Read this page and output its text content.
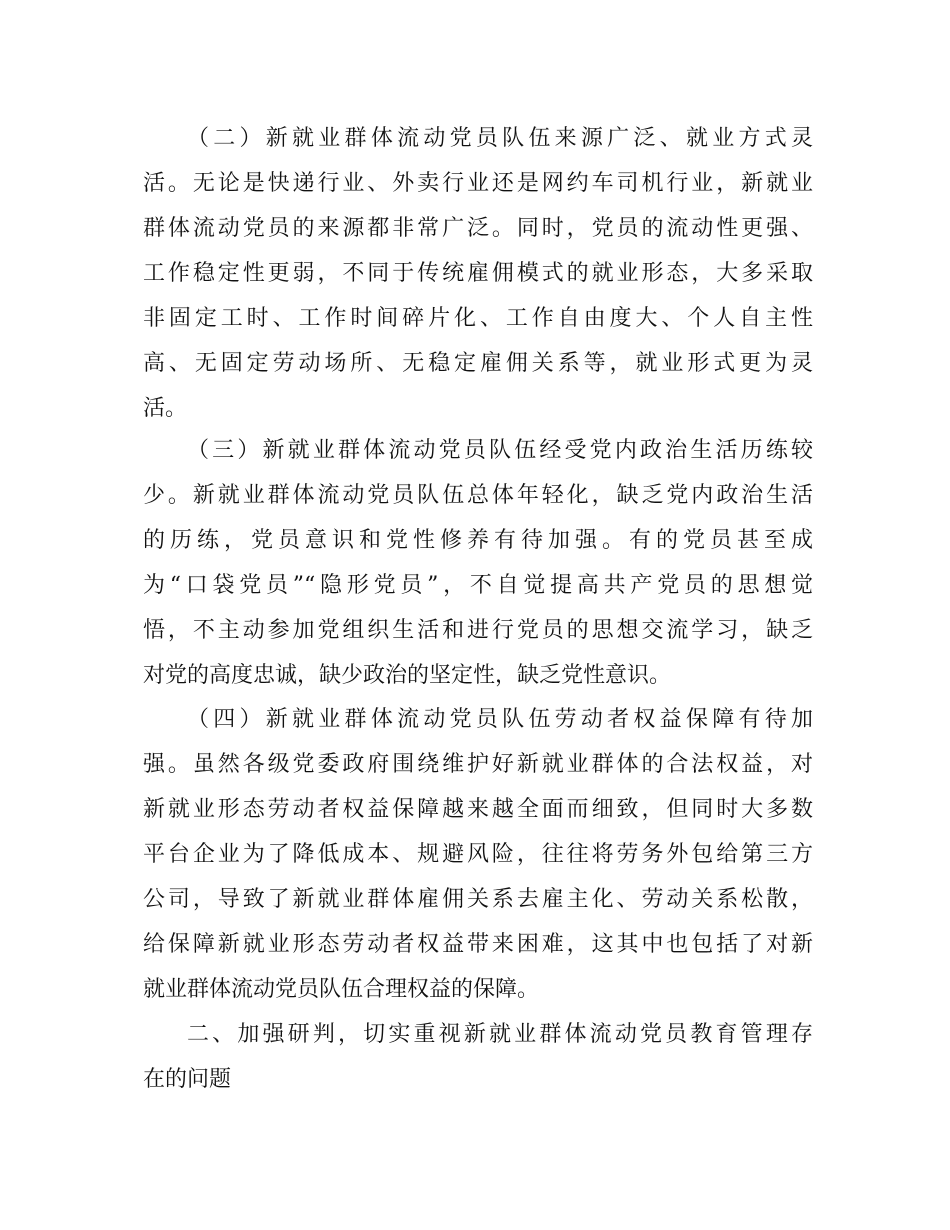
（二）新就业群体流动党员队伍来源广泛、就业方式灵
活。无论是快递行业、外卖行业还是网约车司机行业，新就业
群体流动党员的来源都非常广泛。同时，党员的流动性更强、
工作稳定性更弱，不同于传统雇佣模式的就业形态，大多采取
非固定工时、工作时间碎片化、工作自由度大、个人自主性
高、无固定劳动场所、无稳定雇佣关系等，就业形式更为灵
活。
（三）新就业群体流动党员队伍经受党内政治生活历练较
少。新就业群体流动党员队伍总体年轻化，缺乏党内政治生活
的历练，党员意识和党性修养有待加强。有的党员甚至成
为“口袋党员”“隐形党员”，不自觉提高共产党员的思想觉
悟，不主动参加党组织生活和进行党员的思想交流学习，缺乏
对党的高度忠诚，缺少政治的坚定性，缺乏党性意识。
（四）新就业群体流动党员队伍劳动者权益保障有待加
强。虽然各级党委政府围绕维护好新就业群体的合法权益，对
新就业形态劳动者权益保障越来越全面而细致，但同时大多数
平台企业为了降低成本、规避风险，往往将劳务外包给第三方
公司，导致了新就业群体雇佣关系去雇主化、劳动关系松散，
给保障新就业形态劳动者权益带来困难，这其中也包括了对新
就业群体流动党员队伍合理权益的保障。
二、加强研判，切实重视新就业群体流动党员教育管理存
在的问题
